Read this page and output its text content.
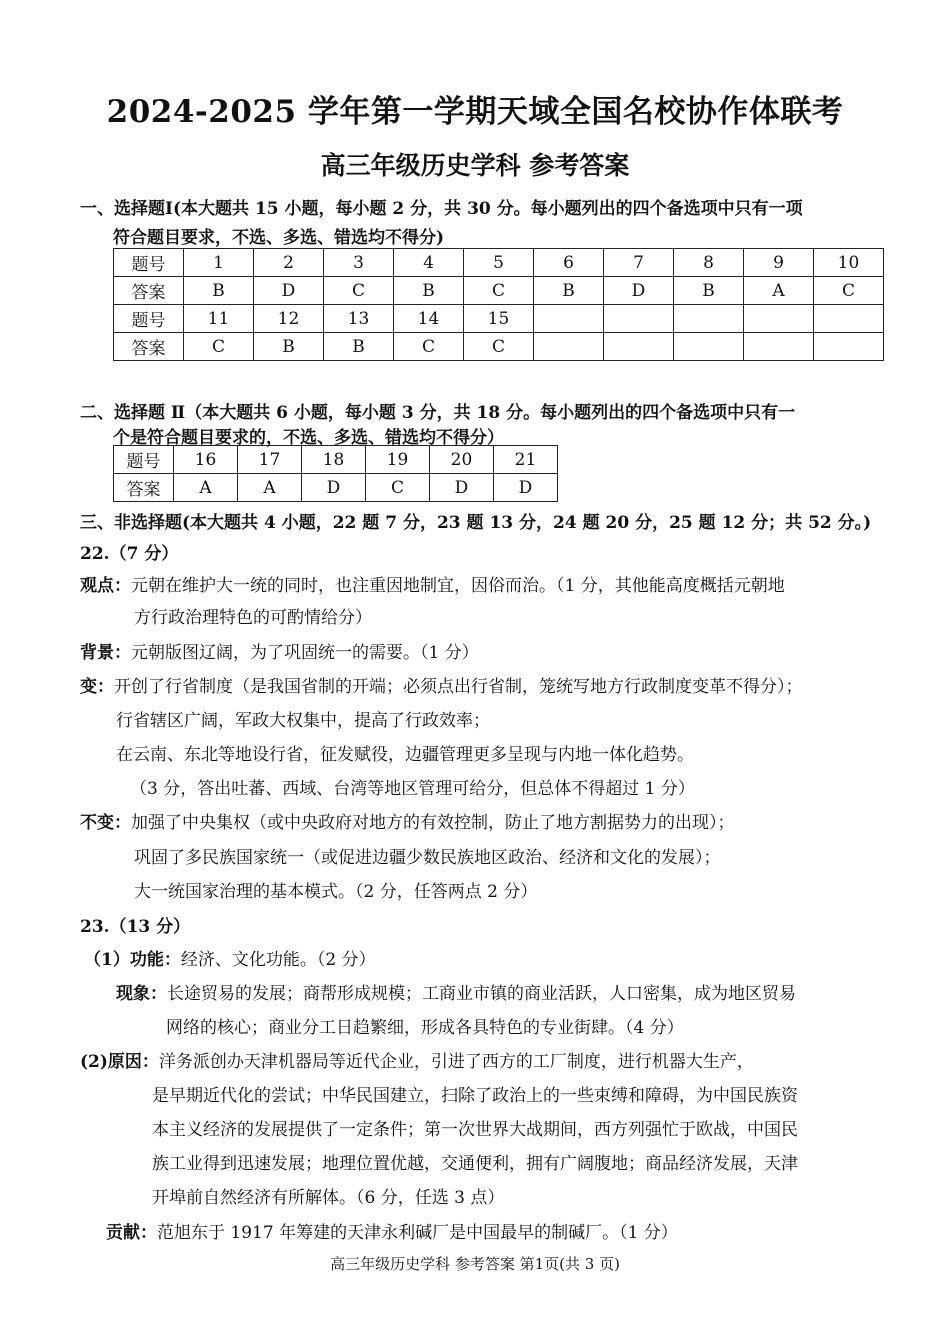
2024-2025 学年第一学期天域全国名校协作体联考
高三年级历史学科 参考答案
一、选择题Ⅰ(本大题共 15 小题，每小题 2 分，共 30 分。每小题列出的四个备选项中只有一项
符合题目要求，不选、多选、错选均不得分)
题号	1	2	3	4	5	6	7	8	9	10
答案	B	D	C	B	C	B	D	B	A	C
题号	11	12	13	14	15					
答案	C	B	B	C	C					
二、选择题 Ⅱ（本大题共 6 小题，每小题 3 分，共 18 分。每小题列出的四个备选项中只有一
个是符合题目要求的，不选、多选、错选均不得分）
题号	16	17	18	19	20	21
答案	A	A	D	C	D	D
三、非选择题(本大题共 4 小题，22 题 7 分，23 题 13 分，24 题 20 分，25 题 12 分；共 52 分。)
22.（7 分）
观点：元朝在维护大一统的同时，也注重因地制宜，因俗而治。（1 分，其他能高度概括元朝地
方行政治理特色的可酌情给分）
背景：元朝版图辽阔，为了巩固统一的需要。（1 分）
变：开创了行省制度（是我国省制的开端；必须点出行省制，笼统写地方行政制度变革不得分）；
行省辖区广阔，军政大权集中，提高了行政效率；
在云南、东北等地设行省，征发赋役，边疆管理更多呈现与内地一体化趋势。
（3 分，答出吐蕃、西域、台湾等地区管理可给分，但总体不得超过 1 分）
不变：加强了中央集权（或中央政府对地方的有效控制，防止了地方割据势力的出现）；
巩固了多民族国家统一（或促进边疆少数民族地区政治、经济和文化的发展）；
大一统国家治理的基本模式。（2 分，任答两点 2 分）
23.（13 分）
（1）功能：经济、文化功能。（2 分）
现象：长途贸易的发展；商帮形成规模；工商业市镇的商业活跃，人口密集，成为地区贸易
网络的核心；商业分工日趋繁细，形成各具特色的专业街肆。（4 分）
(2)原因：洋务派创办天津机器局等近代企业，引进了西方的工厂制度，进行机器大生产，
是早期近代化的尝试；中华民国建立，扫除了政治上的一些束缚和障碍，为中国民族资
本主义经济的发展提供了一定条件；第一次世界大战期间，西方列强忙于欧战，中国民
族工业得到迅速发展；地理位置优越，交通便利，拥有广阔腹地；商品经济发展，天津
开埠前自然经济有所解体。（6 分，任选 3 点）
贡献：范旭东于 1917 年筹建的天津永利碱厂是中国最早的制碱厂。（1 分）
高三年级历史学科 参考答案 第1页(共 3 页)
